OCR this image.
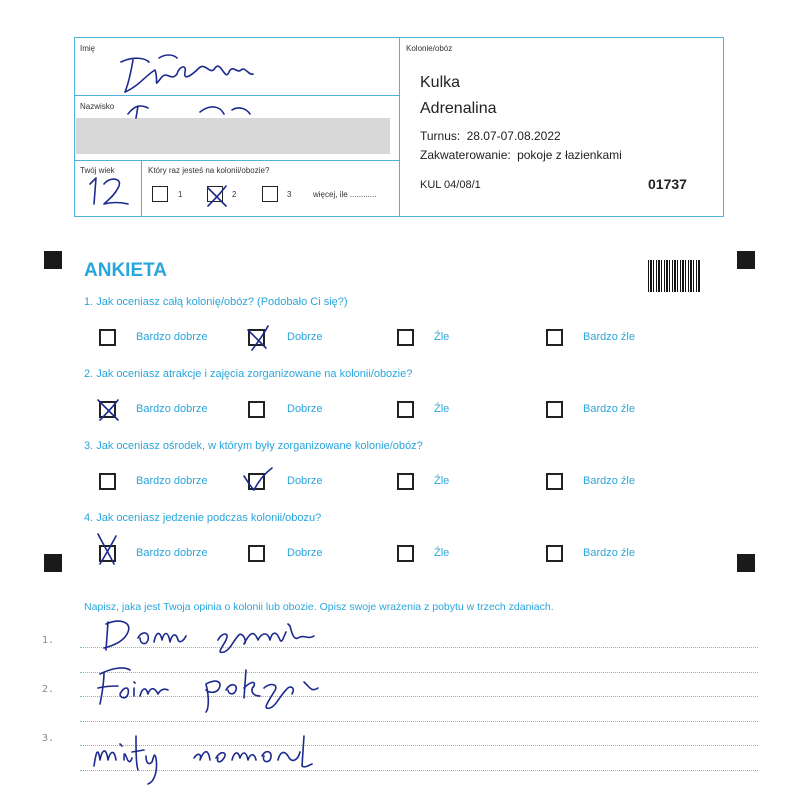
Imię
Nazwisko
Twój wiek	Który raz jesteś na kolonii/obozie?
1	2	3	więcej, ile ............
Kolonie/obóz
Kulka
Adrenalina
Turnus: 28.07-07.08.2022
Zakwaterowanie: pokoje z łazienkami
KUL 04/08/1	01737
ANKIETA
1. Jak oceniasz całą kolonię/obóz? (Podobało Ci się?)
Bardzo dobrze	Dobrze	Źle	Bardzo źle
2. Jak oceniasz atrakcje i zajęcia zorganizowane na kolonii/obozie?
Bardzo dobrze	Dobrze	Źle	Bardzo źle
3. Jak oceniasz ośrodek, w którym były zorganizowane kolonie/obóz?
Bardzo dobrze	Dobrze	Źle	Bardzo źle
4. Jak oceniasz jedzenie podczas kolonii/obozu?
Bardzo dobrze	Dobrze	Źle	Bardzo źle
Napisz, jaka jest Twoja opinia o kolonii lub obozie. Opisz swoje wrażenia z pobytu w trzech zdaniach.
1.
2.
3.
